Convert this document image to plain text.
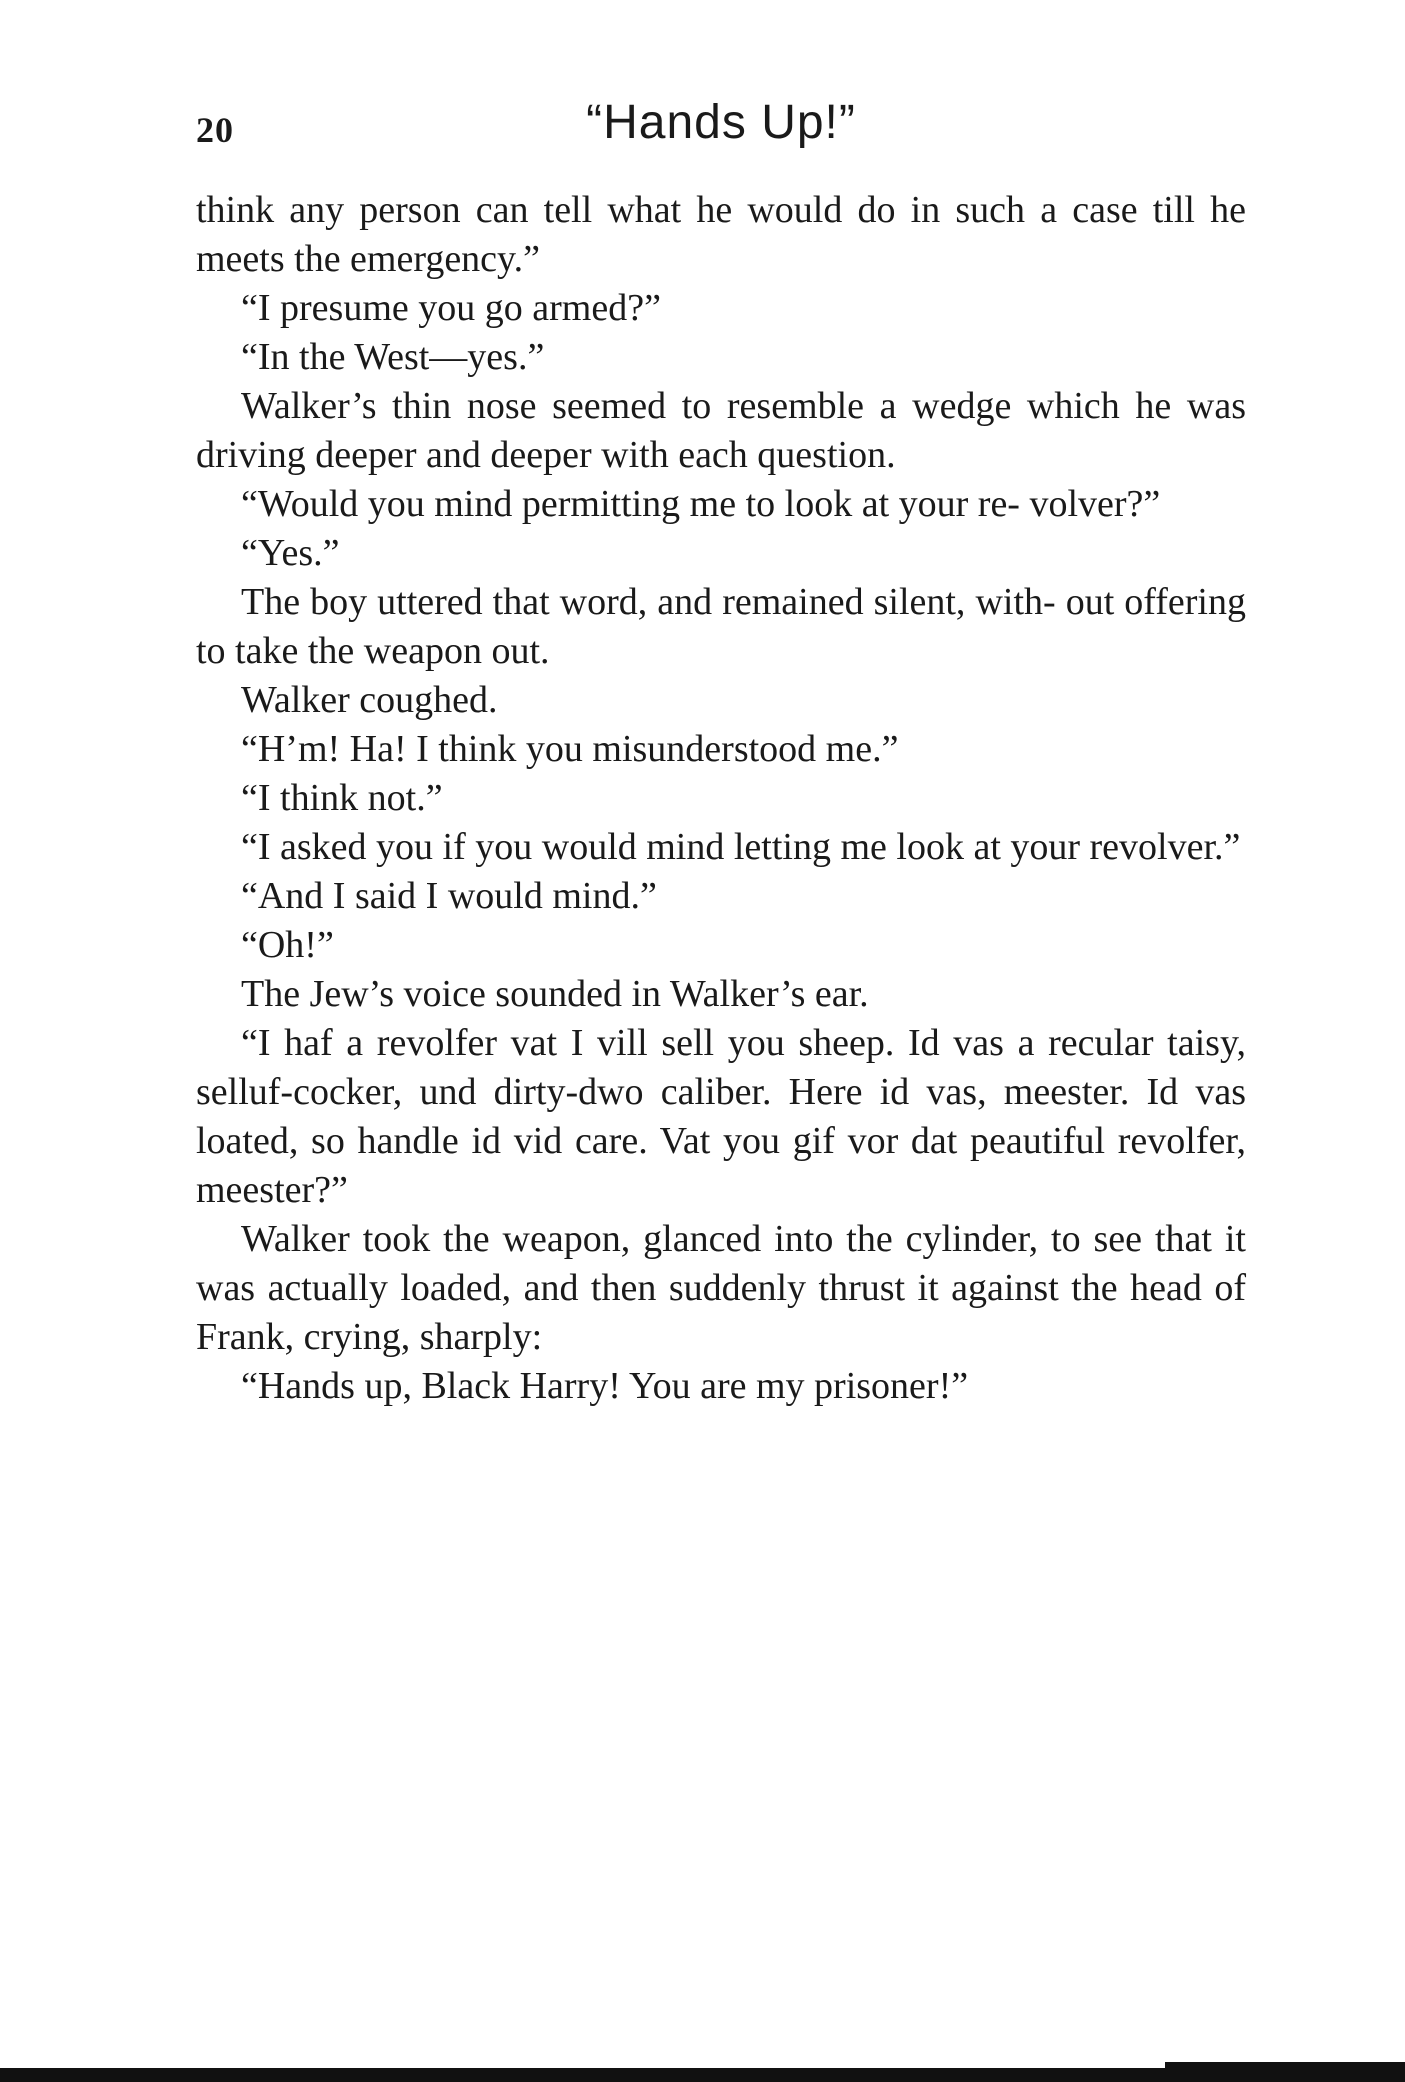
20	“Hands Up!”

think any person can tell what he would do in such a case till he meets the emergency.”

“I presume you go armed?”

“In the West—yes.”

Walker’s thin nose seemed to resemble a wedge which he was driving deeper and deeper with each question.

“Would you mind permitting me to look at your re- volver?”

“Yes.”

The boy uttered that word, and remained silent, with- out offering to take the weapon out.

Walker coughed.

“H’m! Ha! I think you misunderstood me.”

“I think not.”

“I asked you if you would mind letting me look at your revolver.”

“And I said I would mind.”

“Oh!”

The Jew’s voice sounded in Walker’s ear.

“I haf a revolfer vat I vill sell you sheep. Id vas a recular taisy, selluf-cocker, und dirty-dwo caliber. Here id vas, meester. Id vas loated, so handle id vid care. Vat you gif vor dat peautiful revolfer, meester?”

Walker took the weapon, glanced into the cylinder, to see that it was actually loaded, and then suddenly thrust it against the head of Frank, crying, sharply:

“Hands up, Black Harry! You are my prisoner!”
